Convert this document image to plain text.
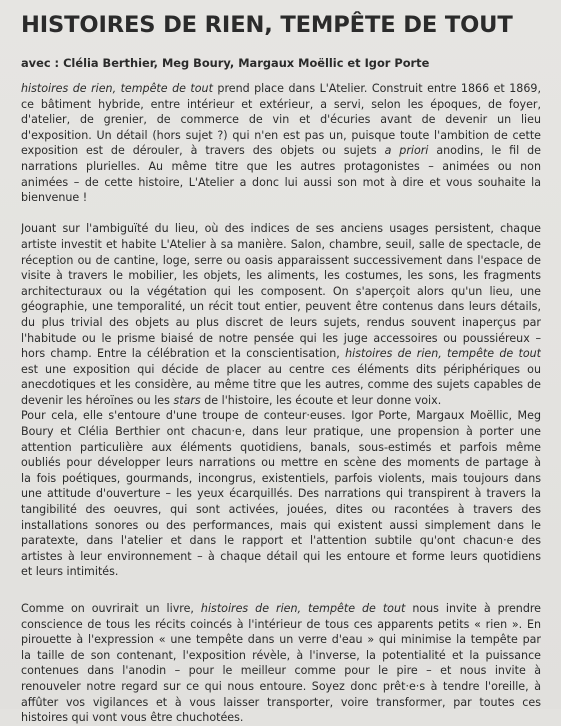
HISTOIRES DE RIEN, TEMPÊTE DE TOUT
avec : Clélia Berthier, Meg Boury, Margaux Moëllic et Igor Porte

histoires de rien, tempête de tout prend place dans L'Atelier. Construit entre 1866 et 1869,
ce bâtiment hybride, entre intérieur et extérieur, a servi, selon les époques, de foyer,
d'atelier, de grenier, de commerce de vin et d'écuries avant de devenir un lieu
d'exposition. Un détail (hors sujet ?) qui n'en est pas un, puisque toute l'ambition de cette
exposition est de dérouler, à travers des objets ou sujets a priori anodins, le fil de
narrations plurielles. Au même titre que les autres protagonistes – animées ou non
animées – de cette histoire, L'Atelier a donc lui aussi son mot à dire et vous souhaite la
bienvenue !

Jouant sur l'ambiguïté du lieu, où des indices de ses anciens usages persistent, chaque
artiste investit et habite L'Atelier à sa manière. Salon, chambre, seuil, salle de spectacle, de
réception ou de cantine, loge, serre ou oasis apparaissent successivement dans l'espace de
visite à travers le mobilier, les objets, les aliments, les costumes, les sons, les fragments
architecturaux ou la végétation qui les composent. On s'aperçoit alors qu'un lieu, une
géographie, une temporalité, un récit tout entier, peuvent être contenus dans leurs détails,
du plus trivial des objets au plus discret de leurs sujets, rendus souvent inaperçus par
l'habitude ou le prisme biaisé de notre pensée qui les juge accessoires ou poussiéreux –
hors champ. Entre la célébration et la conscientisation, histoires de rien, tempête de tout
est une exposition qui décide de placer au centre ces éléments dits périphériques ou
anecdotiques et les considère, au même titre que les autres, comme des sujets capables de
devenir les héroïnes ou les stars de l'histoire, les écoute et leur donne voix.

Pour cela, elle s'entoure d'une troupe de conteur·euses. Igor Porte, Margaux Moëllic, Meg
Boury et Clélia Berthier ont chacun·e, dans leur pratique, une propension à porter une
attention particulière aux éléments quotidiens, banals, sous-estimés et parfois même
oubliés pour développer leurs narrations ou mettre en scène des moments de partage à
la fois poétiques, gourmands, incongrus, existentiels, parfois violents, mais toujours dans
une attitude d'ouverture – les yeux écarquillés. Des narrations qui transpirent à travers la
tangibilité des oeuvres, qui sont activées, jouées, dites ou racontées à travers des
installations sonores ou des performances, mais qui existent aussi simplement dans le
paratexte, dans l'atelier et dans le rapport et l'attention subtile qu'ont chacun·e des
artistes à leur environnement – à chaque détail qui les entoure et forme leurs quotidiens
et leurs intimités.

Comme on ouvrirait un livre, histoires de rien, tempête de tout nous invite à prendre
conscience de tous les récits coincés à l'intérieur de tous ces apparents petits « rien ». En
pirouette à l'expression « une tempête dans un verre d'eau » qui minimise la tempête par
la taille de son contenant, l'exposition révèle, à l'inverse, la potentialité et la puissance
contenues dans l'anodin – pour le meilleur comme pour le pire – et nous invite à
renouveler notre regard sur ce qui nous entoure. Soyez donc prêt·e·s à tendre l'oreille, à
affûter vos vigilances et à vous laisser transporter, voire transformer, par toutes ces
histoires qui vont vous être chuchotées.
